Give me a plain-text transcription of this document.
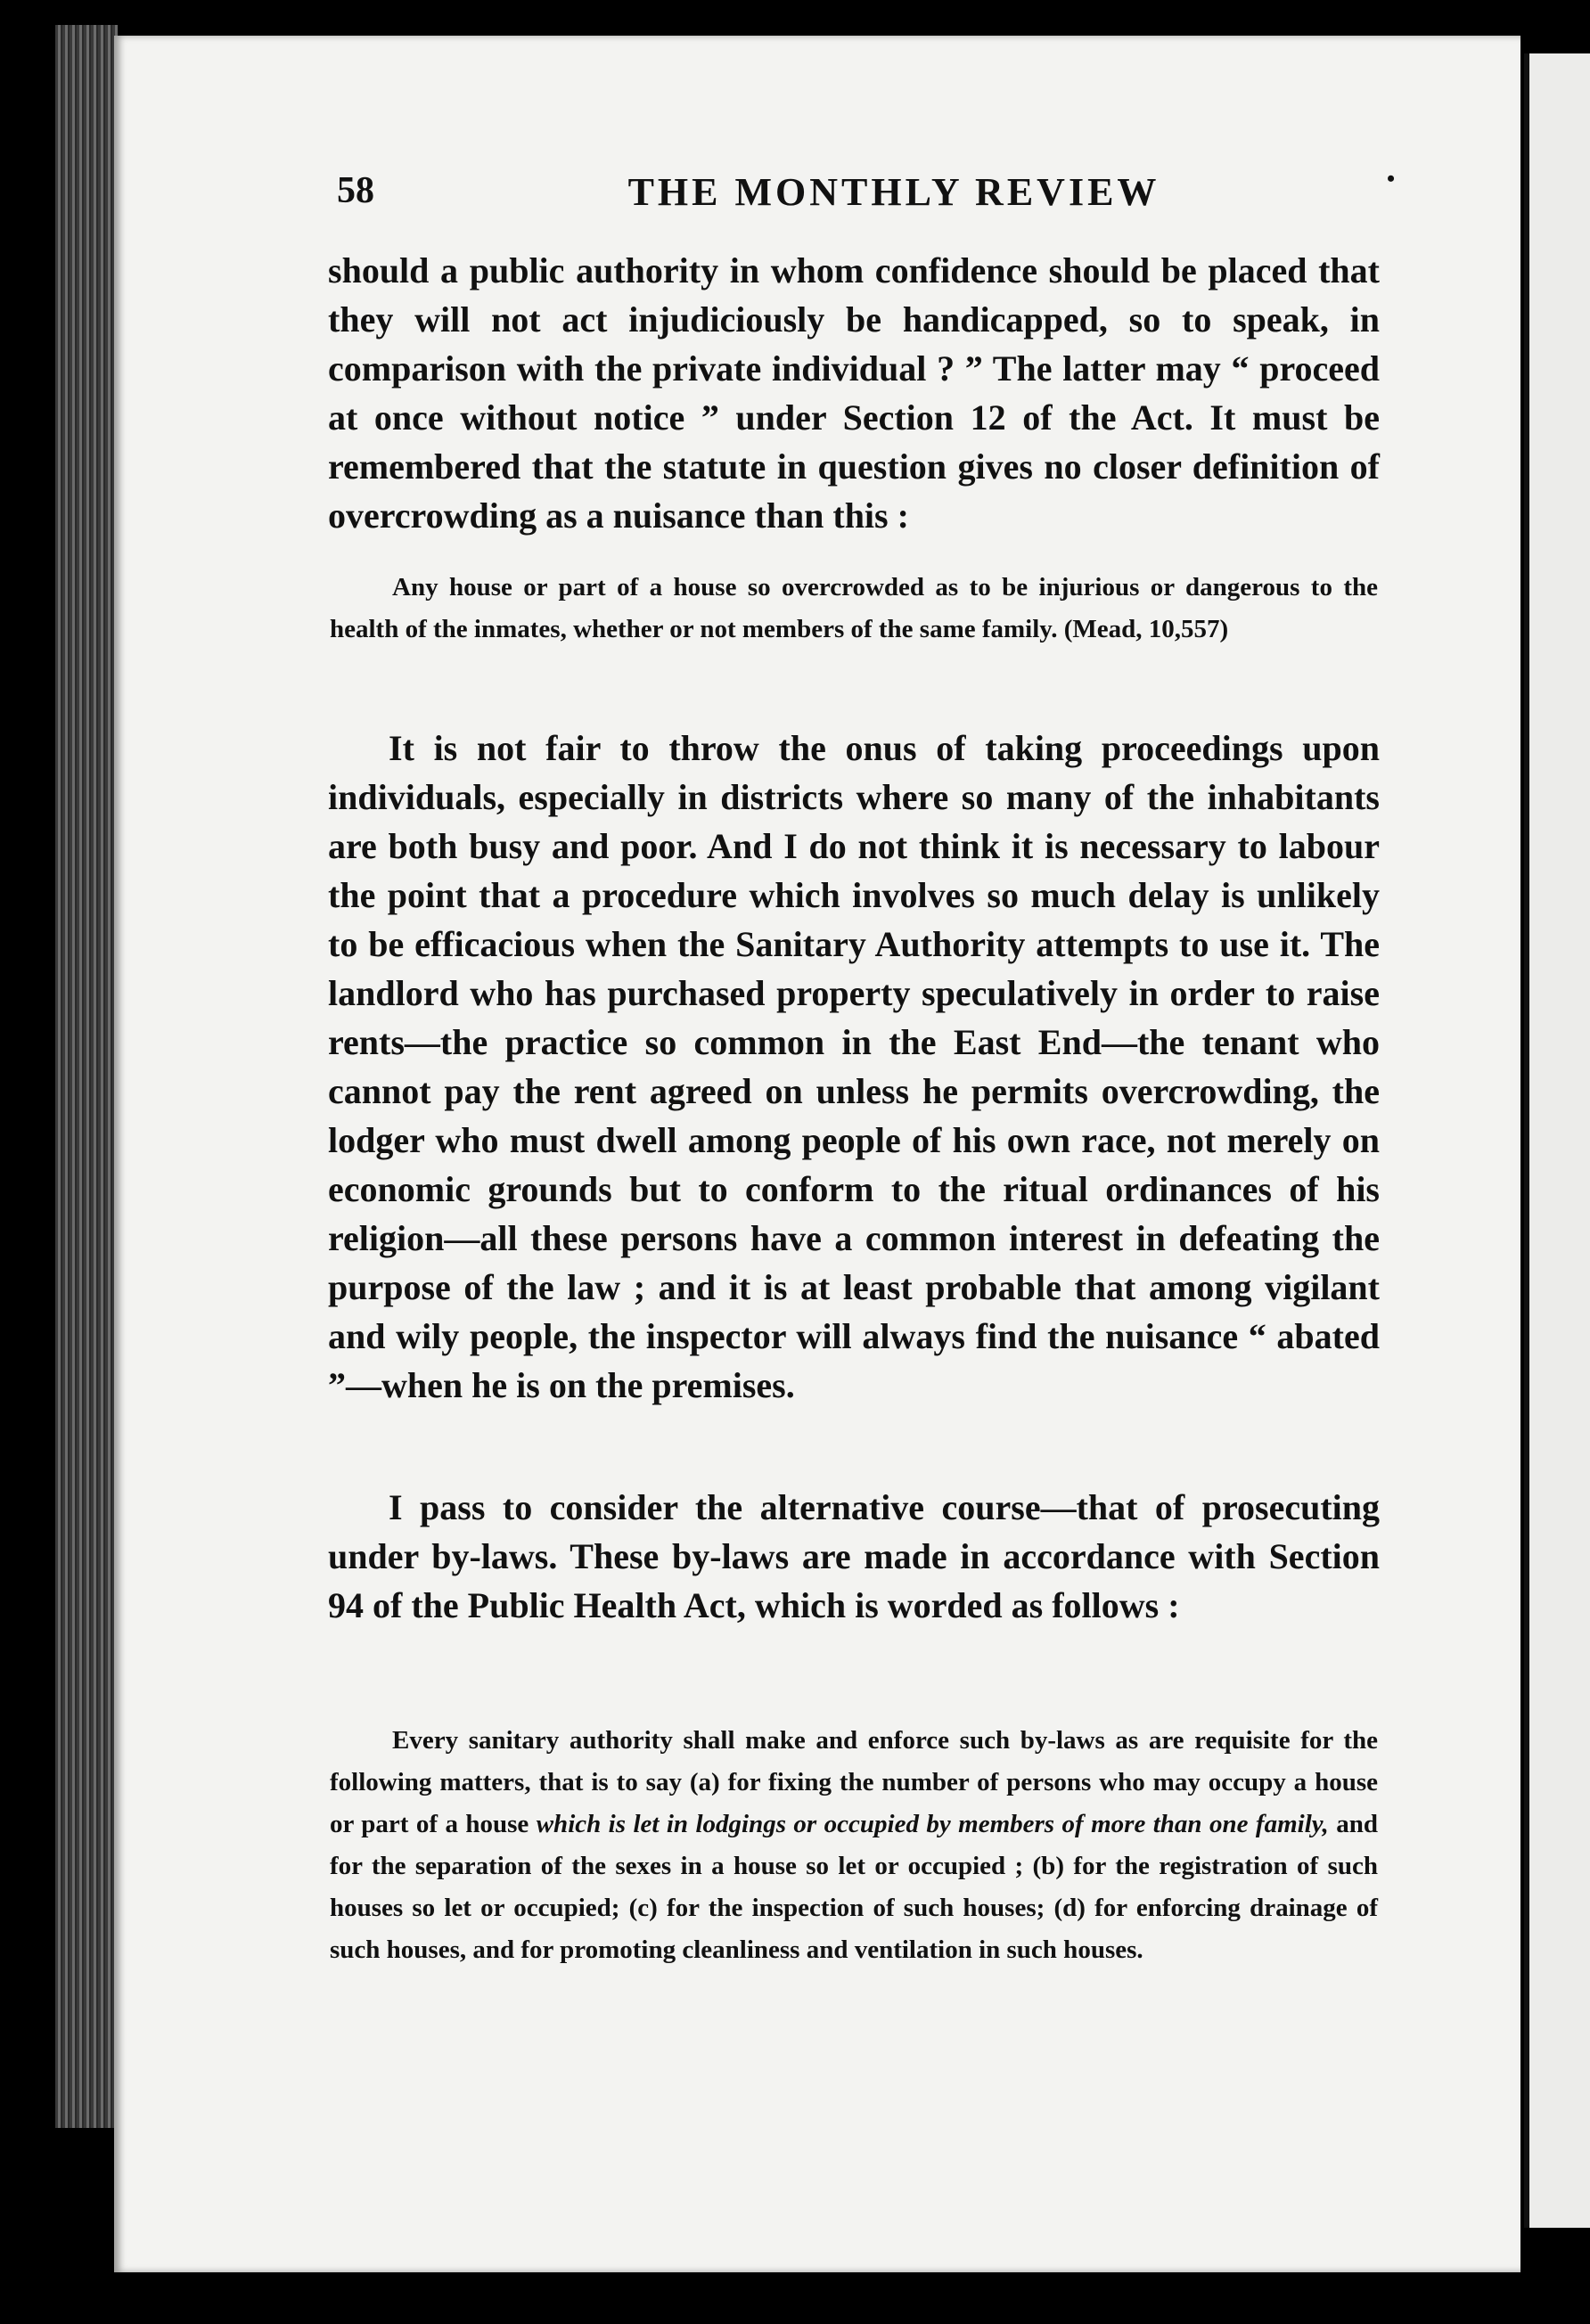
58	THE MONTHLY REVIEW	•

should a public authority in whom confidence should be placed that they will not act injudiciously be handicapped, so to speak, in comparison with the private individual ? ” The latter may “ proceed at once without notice ” under Section 12 of the Act. It must be remembered that the statute in question gives no closer definition of overcrowding as a nuisance than this :

Any house or part of a house so overcrowded as to be injurious or dangerous to the health of the inmates, whether or not members of the same family. (Mead, 10,557)

It is not fair to throw the onus of taking proceedings upon individuals, especially in districts where so many of the inhabitants are both busy and poor. And I do not think it is necessary to labour the point that a procedure which involves so much delay is unlikely to be efficacious when the Sanitary Authority attempts to use it. The landlord who has purchased property speculatively in order to raise rents—the practice so common in the East End—the tenant who cannot pay the rent agreed on unless he permits overcrowding, the lodger who must dwell among people of his own race, not merely on economic grounds but to conform to the ritual ordinances of his religion—all these persons have a common interest in defeating the purpose of the law ; and it is at least probable that among vigilant and wily people, the inspector will always find the nuisance “ abated ”—when he is on the premises.

I pass to consider the alternative course—that of prosecuting under by-laws. These by-laws are made in accordance with Section 94 of the Public Health Act, which is worded as follows :

Every sanitary authority shall make and enforce such by-laws as are requisite for the following matters, that is to say (a) for fixing the number of persons who may occupy a house or part of a house which is let in lodgings or occupied by members of more than one family, and for the separation of the sexes in a house so let or occupied ; (b) for the registration of such houses so let or occupied; (c) for the inspection of such houses; (d) for enforcing drainage of such houses, and for promoting cleanliness and ventilation in such houses.
